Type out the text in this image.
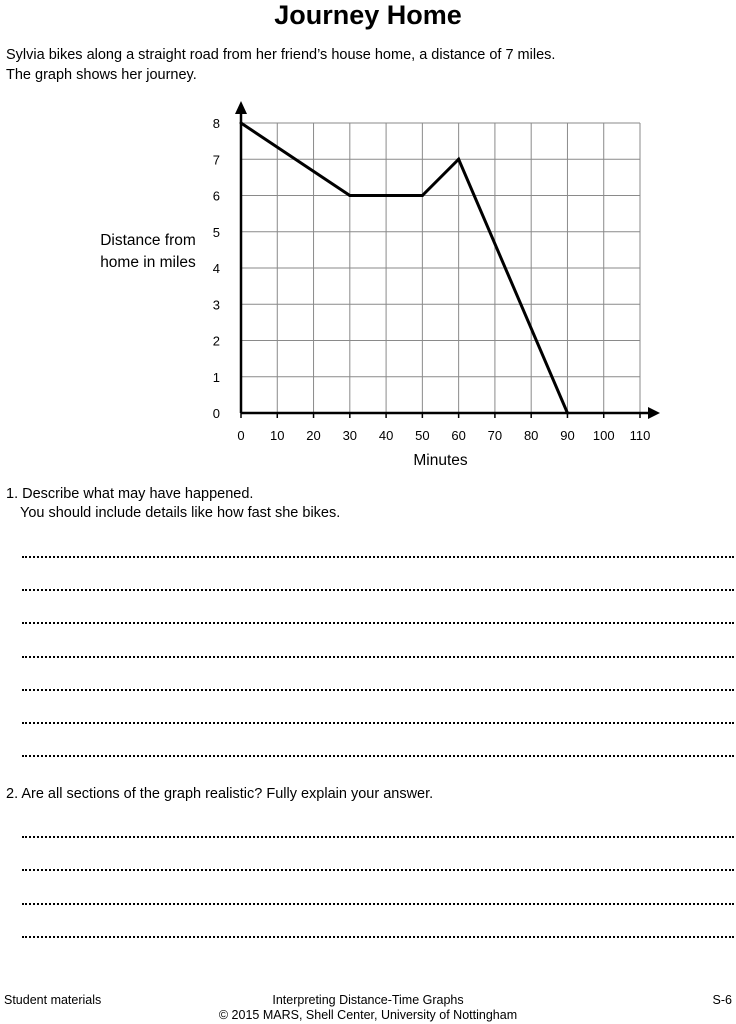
Journey Home
Sylvia bikes along a straight road from her friend’s house home, a distance of 7 miles.
The graph shows her journey.
Distance from
home in miles
0 10 20 30 40 50 60 70 80 90 100 110
0
1
2
3
4
5
6
7
8
Minutes
1. Describe what may have happened.
You should include details like how fast she bikes.
2. Are all sections of the graph realistic? Fully explain your answer.
Student materials	Interpreting Distance-Time Graphs	S-6
© 2015 MARS, Shell Center, University of Nottingham
